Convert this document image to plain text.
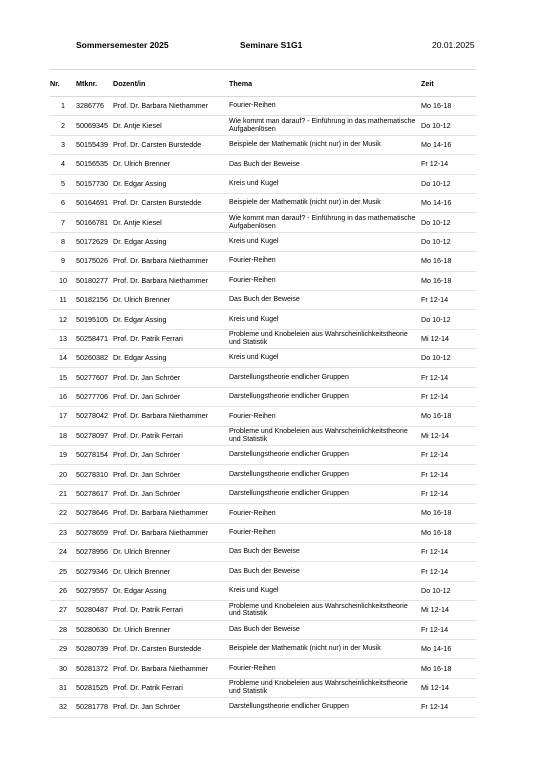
Sommersemester 2025	Seminare S1G1	20.01.2025
Nr.	Mtknr.	Dozent/in	Thema	Zeit
1	3286776	Prof. Dr. Barbara Niethammer	Fourier-Reihen	Mo 16-18
2	50069345	Dr. Antje Kiesel	Wie kommt man darauf? - Einführung in das mathematische Aufgabenlösen	Do 10-12
3	50155439	Prof. Dr. Carsten Burstedde	Beispiele der Mathematik (nicht nur) in der Musik	Mo 14-16
4	50156535	Dr. Ulrich Brenner	Das Buch der Beweise	Fr 12-14
5	50157730	Dr. Edgar Assing	Kreis und Kugel	Do 10-12
6	50164691	Prof. Dr. Carsten Burstedde	Beispiele der Mathematik (nicht nur) in der Musik	Mo 14-16
7	50166781	Dr. Antje Kiesel	Wie kommt man darauf? - Einführung in das mathematische Aufgabenlösen	Do 10-12
8	50172629	Dr. Edgar Assing	Kreis und Kugel	Do 10-12
9	50175026	Prof. Dr. Barbara Niethammer	Fourier-Reihen	Mo 16-18
10	50180277	Prof. Dr. Barbara Niethammer	Fourier-Reihen	Mo 16-18
11	50182156	Dr. Ulrich Brenner	Das Buch der Beweise	Fr 12-14
12	50195105	Dr. Edgar Assing	Kreis und Kugel	Do 10-12
13	50258471	Prof. Dr. Patrik Ferrari	Probleme und Knobeleien aus Wahrscheinlichkeitstheorie und Statistik	Mi 12-14
14	50260382	Dr. Edgar Assing	Kreis und Kugel	Do 10-12
15	50277607	Prof. Dr. Jan Schröer	Darstellungstheorie endlicher Gruppen	Fr 12-14
16	50277706	Prof. Dr. Jan Schröer	Darstellungstheorie endlicher Gruppen	Fr 12-14
17	50278042	Prof. Dr. Barbara Niethammer	Fourier-Reihen	Mo 16-18
18	50278097	Prof. Dr. Patrik Ferrari	Probleme und Knobeleien aus Wahrscheinlichkeitstheorie und Statistik	Mi 12-14
19	50278154	Prof. Dr. Jan Schröer	Darstellungstheorie endlicher Gruppen	Fr 12-14
20	50278310	Prof. Dr. Jan Schröer	Darstellungstheorie endlicher Gruppen	Fr 12-14
21	50278617	Prof. Dr. Jan Schröer	Darstellungstheorie endlicher Gruppen	Fr 12-14
22	50278646	Prof. Dr. Barbara Niethammer	Fourier-Reihen	Mo 16-18
23	50278659	Prof. Dr. Barbara Niethammer	Fourier-Reihen	Mo 16-18
24	50278956	Dr. Ulrich Brenner	Das Buch der Beweise	Fr 12-14
25	50279346	Dr. Ulrich Brenner	Das Buch der Beweise	Fr 12-14
26	50279557	Dr. Edgar Assing	Kreis und Kugel	Do 10-12
27	50280487	Prof. Dr. Patrik Ferrari	Probleme und Knobeleien aus Wahrscheinlichkeitstheorie und Statistik	Mi 12-14
28	50280630	Dr. Ulrich Brenner	Das Buch der Beweise	Fr 12-14
29	50280739	Prof. Dr. Carsten Burstedde	Beispiele der Mathematik (nicht nur) in der Musik	Mo 14-16
30	50281372	Prof. Dr. Barbara Niethammer	Fourier-Reihen	Mo 16-18
31	50281525	Prof. Dr. Patrik Ferrari	Probleme und Knobeleien aus Wahrscheinlichkeitstheorie und Statistik	Mi 12-14
32	50281778	Prof. Dr. Jan Schröer	Darstellungstheorie endlicher Gruppen	Fr 12-14
